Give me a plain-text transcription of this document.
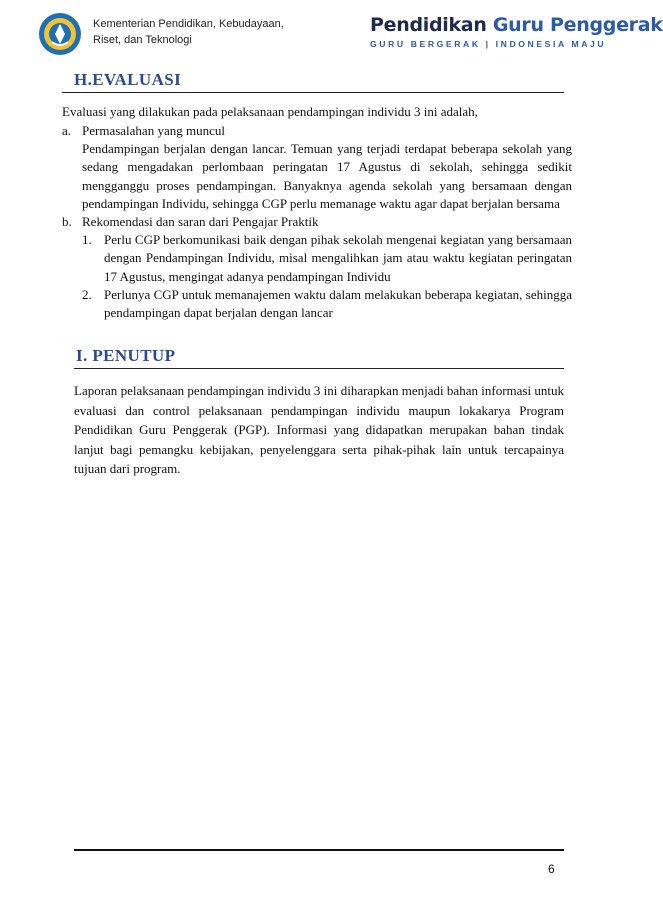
Kementerian Pendidikan, Kebudayaan,
Riset, dan Teknologi
Pendidikan Guru Penggerak
GURU BERGERAK | INDONESIA MAJU
H.EVALUASI
Evaluasi yang dilakukan pada pelaksanaan pendampingan individu 3 ini adalah,
a. Permasalahan yang muncul
Pendampingan berjalan dengan lancar. Temuan yang terjadi terdapat beberapa sekolah yang sedang mengadakan perlombaan peringatan 17 Agustus di sekolah, sehingga sedikit mengganggu proses pendampingan. Banyaknya agenda sekolah yang bersamaan dengan pendampingan Individu, sehingga CGP perlu memanage waktu agar dapat berjalan bersama
b. Rekomendasi dan saran dari Pengajar Praktik
1. Perlu CGP berkomunikasi baik dengan pihak sekolah mengenai kegiatan yang bersamaan dengan Pendampingan Individu, misal mengalihkan jam atau waktu kegiatan peringatan 17 Agustus, mengingat adanya pendampingan Individu
2. Perlunya CGP untuk memanajemen waktu dalam melakukan beberapa kegiatan, sehingga pendampingan dapat berjalan dengan lancar
I. PENUTUP
Laporan pelaksanaan pendampingan individu 3 ini diharapkan menjadi bahan informasi untuk evaluasi dan control pelaksanaan pendampingan individu maupun lokakarya Program Pendidikan Guru Penggerak (PGP). Informasi yang didapatkan merupakan bahan tindak lanjut bagi pemangku kebijakan, penyelenggara serta pihak-pihak lain untuk tercapainya tujuan dari program.
6
